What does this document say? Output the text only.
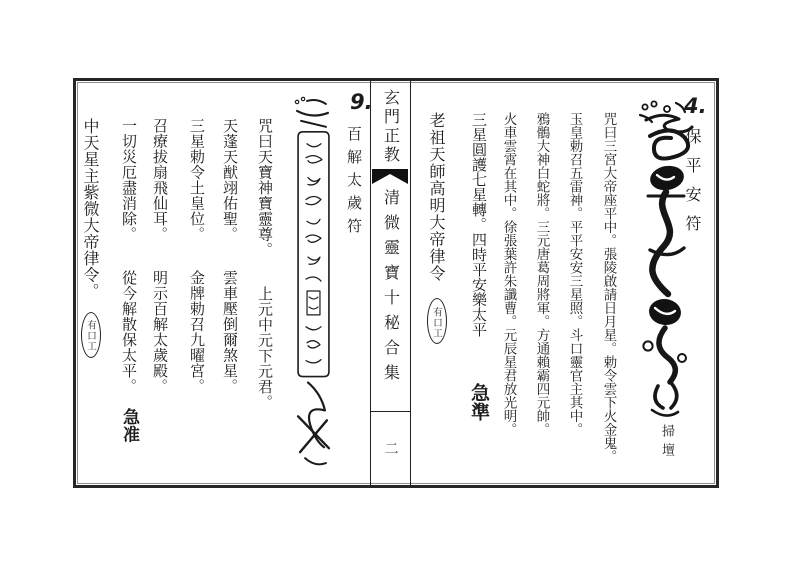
4.
保平安符
掃壇
咒曰三宮大帝座平中。張陵啟請日月星。勅令雲下火金鬼。
玉皇勅召五雷神。平平安安三星照。斗口靈官主其中。
鴉鶻大神白蛇將。三元唐葛周將軍。方通賴霸四元帥。
火車雲霄在其中。徐張葉許朱讖曹。元辰星君放光明。
三星圓護七星轉。四時平安樂太平急準
老祖天師高明大帝律令有口工
玄門正教
清微靈寶十秘合集
二
9.
百解太歲符
咒曰天寶神寶靈尊。上元中元下元君。
天蓬天猷翊佑聖。雲車壓倒爾煞星。
三星勅令土皇位。金牌勅召九曜宮。
召療拔扇飛仙耳。明示百解太歲殿。
一切災厄盡消除。從今解散保太平。急准
中天星主紫微大帝律令。有口工
